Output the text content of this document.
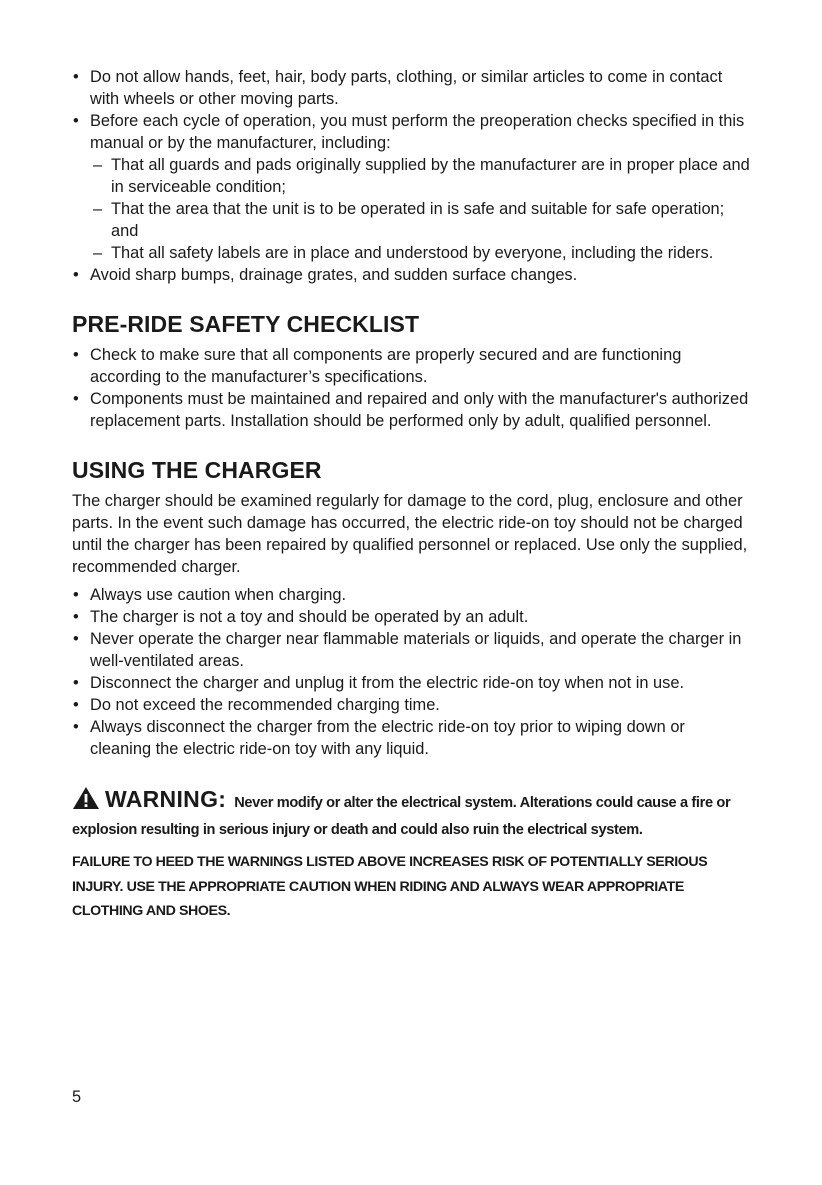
• Do not allow hands, feet, hair, body parts, clothing, or similar articles to come in contact with wheels or other moving parts.
• Before each cycle of operation, you must perform the preoperation checks specified in this manual or by the manufacturer, including:
– That all guards and pads originally supplied by the manufacturer are in proper place and in serviceable condition;
– That the area that the unit is to be operated in is safe and suitable for safe operation; and
– That all safety labels are in place and understood by everyone, including the riders.
• Avoid sharp bumps, drainage grates, and sudden surface changes.
PRE-RIDE SAFETY CHECKLIST
• Check to make sure that all components are properly secured and are functioning according to the manufacturer’s specifications.
• Components must be maintained and repaired and only with the manufacturer's authorized replacement parts. Installation should be performed only by adult, qualified personnel.
USING THE CHARGER

The charger should be examined regularly for damage to the cord, plug, enclosure and other parts. In the event such damage has occurred, the electric ride-on toy should not be charged until the charger has been repaired by qualified personnel or replaced. Use only the supplied, recommended charger.

• Always use caution when charging.
• The charger is not a toy and should be operated by an adult.
• Never operate the charger near flammable materials or liquids, and operate the charger in well-ventilated areas.
• Disconnect the charger and unplug it from the electric ride-on toy when not in use.
• Do not exceed the recommended charging time.
• Always disconnect the charger from the electric ride-on toy prior to wiping down or cleaning the electric ride-on toy with any liquid.
WARNING: Never modify or alter the electrical system. Alterations could cause a fire or explosion resulting in serious injury or death and could also ruin the electrical system.
FAILURE TO HEED THE WARNINGS LISTED ABOVE INCREASES RISK OF POTENTIALLY SERIOUS INJURY. USE THE APPROPRIATE CAUTION WHEN RIDING AND ALWAYS WEAR APPROPRIATE CLOTHING AND SHOES.
5
